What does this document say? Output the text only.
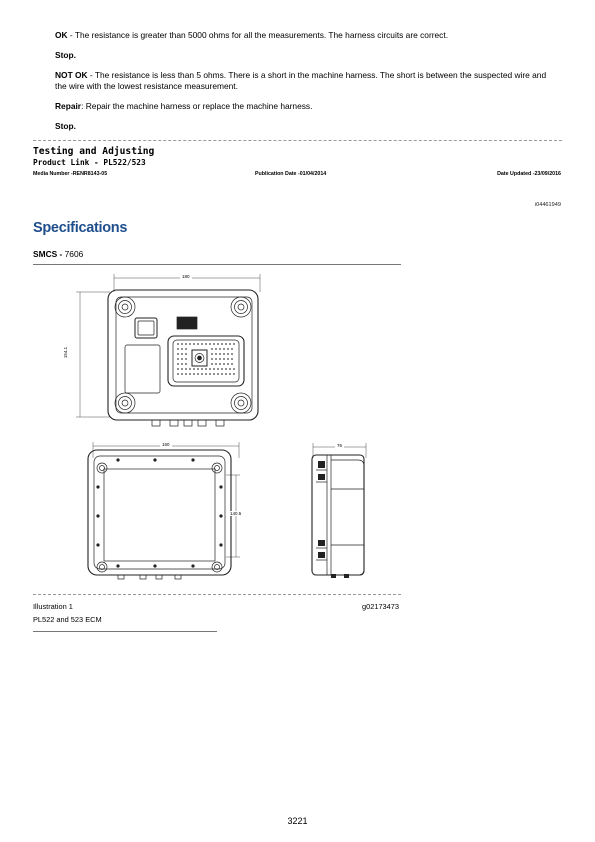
OK - The resistance is greater than 5000 ohms for all the measurements. The harness circuits are correct.
Stop.
NOT OK - The resistance is less than 5 ohms. There is a short in the machine harness. The short is between the suspected wire and the wire with the lowest resistance measurement.
Repair: Repair the machine harness or replace the machine harness.
Stop.
Testing and Adjusting
Product Link - PL522/523
Media Number -RENR8143-05	Publication Date -01/04/2014	Date Updated -23/09/2016
i04461949
Specifications
SMCS - 7606
180
154.1
160
140.5
76
Illustration 1	g02173473
PL522 and 523 ECM
3221
